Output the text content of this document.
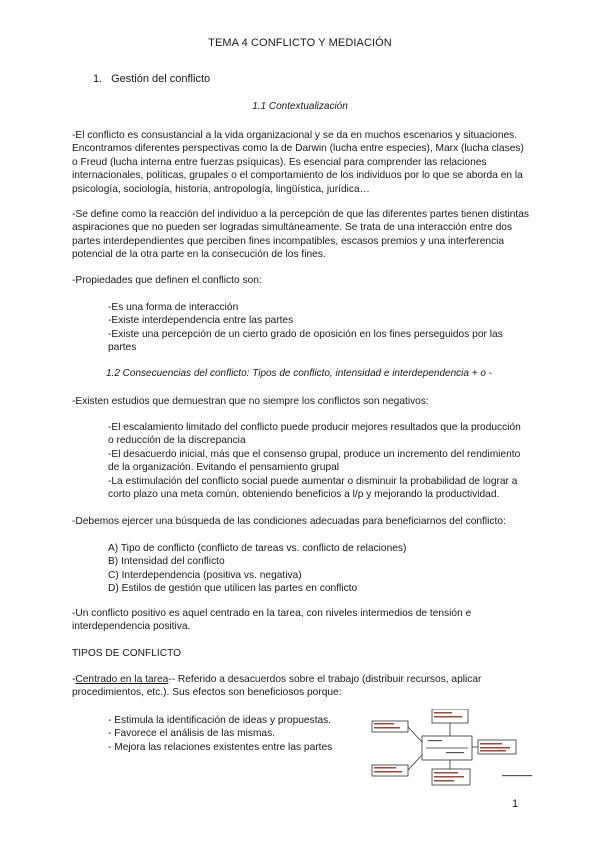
TEMA 4 CONFLICTO Y MEDIACIÓN
1. Gestión del conflicto
1.1 Contextualización
-El conflicto es consustancial a la vida organizacional y se da en muchos escenarios y situaciones. Encontramos diferentes perspectivas como la de Darwin (lucha entre especies), Marx (lucha clases) o Freud (lucha interna entre fuerzas psíquicas). Es esencial para comprender las relaciones internacionales, políticas, grupales o el comportamiento de los individuos por lo que se aborda en la psicología, sociología, historia, antropología, lingüística, jurídica…
-Se define como la reacción del individuo a la percepción de que las diferentes partes tienen distintas aspiraciones que no pueden ser logradas simultáneamente. Se trata de una interacción entre dos partes interdependientes que perciben fines incompatibles, escasos premios y una interferencia potencial de la otra parte en la consecución de los fines.
-Propiedades que definen el conflicto son:
-Es una forma de interacción
-Existe interdependencia entre las partes
-Existe una percepción de un cierto grado de oposición en los fines perseguidos por las partes
1.2 Consecuencias del conflicto: Tipos de conflicto, intensidad e interdependencia + o -
-Existen estudios que demuestran que no siempre los conflictos son negativos:
-El escalamiento limitado del conflicto puede producir mejores resultados que la producción o reducción de la discrepancia
-El desacuerdo inicial, más que el consenso grupal, produce un incremento del rendimiento de la organización. Evitando el pensamiento grupal
-La estimulación del conflicto social puede aumentar o disminuir la probabilidad de lograr a corto plazo una meta común, obteniendo beneficios a l/p y mejorando la productividad.
-Debemos ejercer una búsqueda de las condiciones adecuadas para beneficiarnos del conflicto:
A) Tipo de conflicto (conflicto de tareas vs. conflicto de relaciones)
B) Intensidad del conflicto
C) Interdependencia (positiva vs. negativa)
D) Estilos de gestión que utilicen las partes en conflicto
-Un conflicto positivo es aquel centrado en la tarea, con niveles intermedios de tensión e interdependencia positiva.
TIPOS DE CONFLICTO
-Centrado en la tarea-- Referido a desacuerdos sobre el trabajo (distribuir recursos, aplicar procedimientos, etc.). Sus efectos son beneficiosos porque:
- Estimula la identificación de ideas y propuestas.
- Favorece el análisis de las mismas.
- Mejora las relaciones existentes entre las partes
1
